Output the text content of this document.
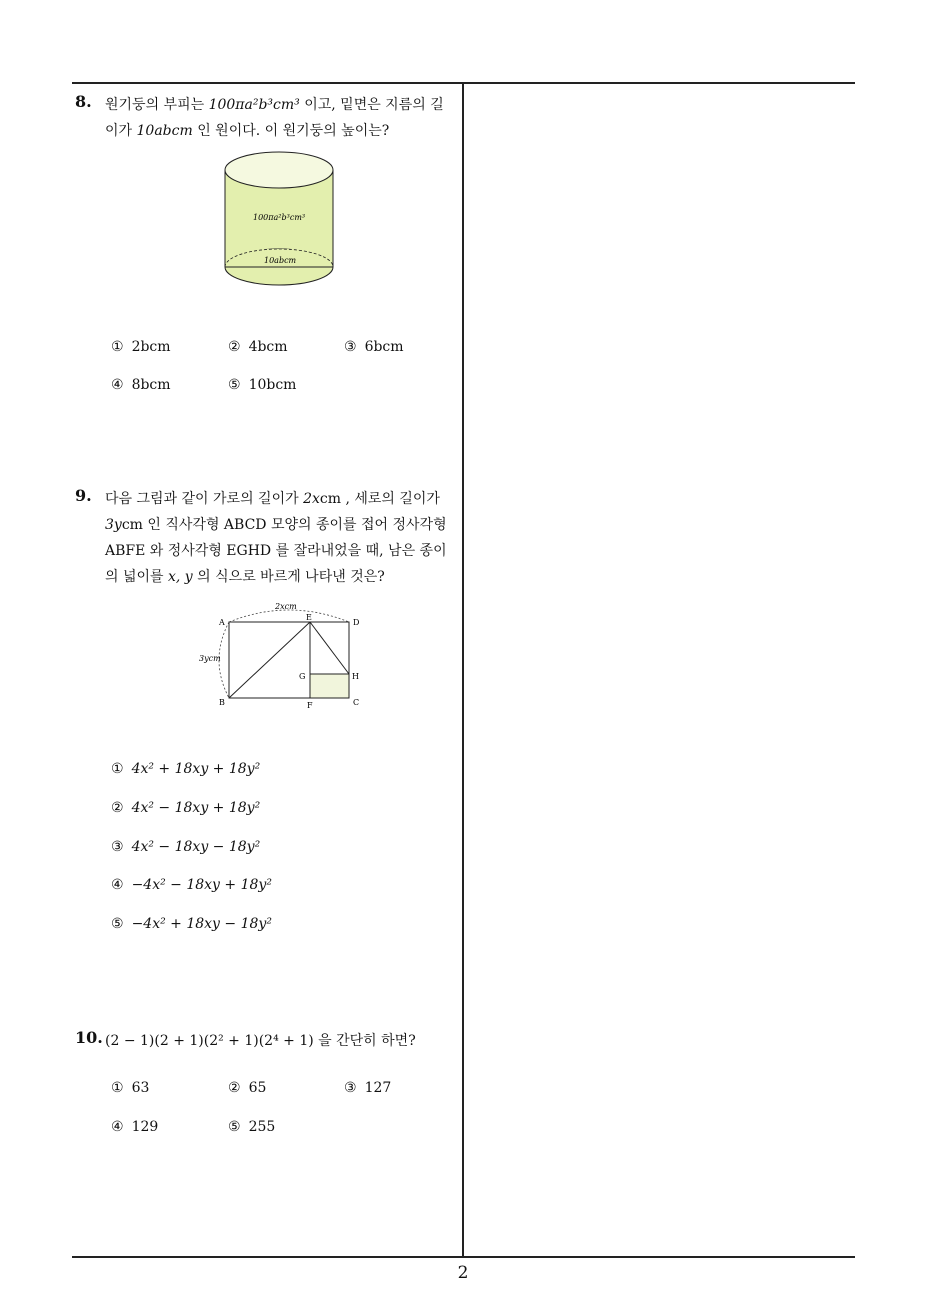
8. 원기둥의 부피는 100πa²b³cm³ 이고, 밑면은 지름의 길이가 10abcm 인 원이다. 이 원기둥의 높이는?
100πa²b³cm³
10abcm
① 2bcm	② 4bcm	③ 6bcm
④ 8bcm	⑤ 10bcm
9. 다음 그림과 같이 가로의 길이가 2xcm , 세로의 길이가 3ycm 인 직사각형 ABCD 모양의 종이를 접어 정사각형 ABFE 와 정사각형 EGHD 를 잘라내었을 때, 남은 종이의 넓이를 x, y 의 식으로 바르게 나타낸 것은?
2xcm
3ycm
A
B	C
D
E
F
G	H
① 4x² + 18xy + 18y²
② 4x² − 18xy + 18y²
③ 4x² − 18xy − 18y²
④ −4x² − 18xy + 18y²
⑤ −4x² + 18xy − 18y²
10. (2 − 1)(2 + 1)(2² + 1)(2⁴ + 1) 을 간단히 하면?
① 63	② 65	③ 127
④ 129	⑤ 255
2
